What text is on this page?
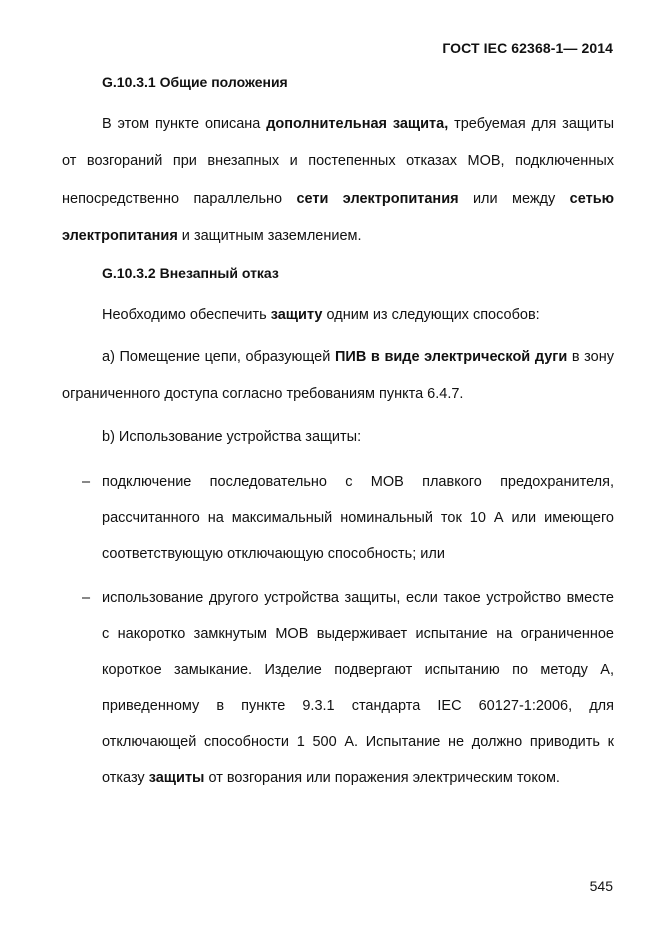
ГОСТ IEC 62368-1— 2014
G.10.3.1 Общие положения
В этом пункте описана дополнительная защита, требуемая для защиты от возгораний при внезапных и постепенных отказах МОВ, подключенных непосредственно параллельно сети электропитания или между сетью электропитания и защитным заземлением.
G.10.3.2 Внезапный отказ
Необходимо обеспечить защиту одним из следующих способов:
a) Помещение цепи, образующей ПИВ в виде электрической дуги в зону ограниченного доступа согласно требованиям пункта 6.4.7.
b) Использование устройства защиты:
– подключение последовательно с МОВ плавкого предохранителя, рассчитанного на максимальный номинальный ток 10 А или имеющего соответствующую отключающую способность; или
– использование другого устройства защиты, если такое устройство вместе с накоротко замкнутым МОВ выдерживает испытание на ограниченное короткое замыкание. Изделие подвергают испытанию по методу А, приведенному в пункте 9.3.1 стандарта IEC 60127-1:2006, для отключающей способности 1 500 А. Испытание не должно приводить к отказу защиты от возгорания или поражения электрическим током.
545
